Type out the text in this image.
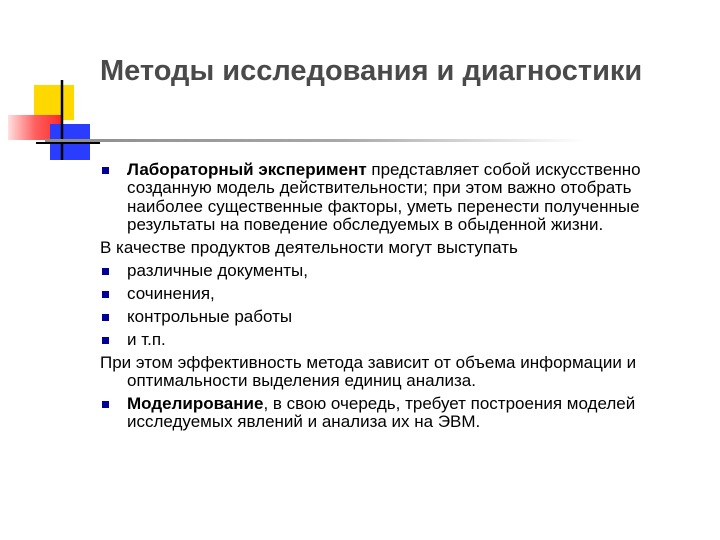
Методы исследования и диагностики
Лабораторный эксперимент представляет собой искусственно созданную модель действительности; при этом важно отобрать наиболее существенные факторы, уметь перенести полученные результаты на поведение обследуемых в обыденной жизни.
В качестве продуктов деятельности могут выступать
различные документы,
сочинения,
контрольные работы
и т.п.
При этом эффективность метода зависит от объема информации и оптимальности выделения единиц анализа.
Моделирование, в свою очередь, требует построения моделей исследуемых явлений и анализа их на ЭВМ.
